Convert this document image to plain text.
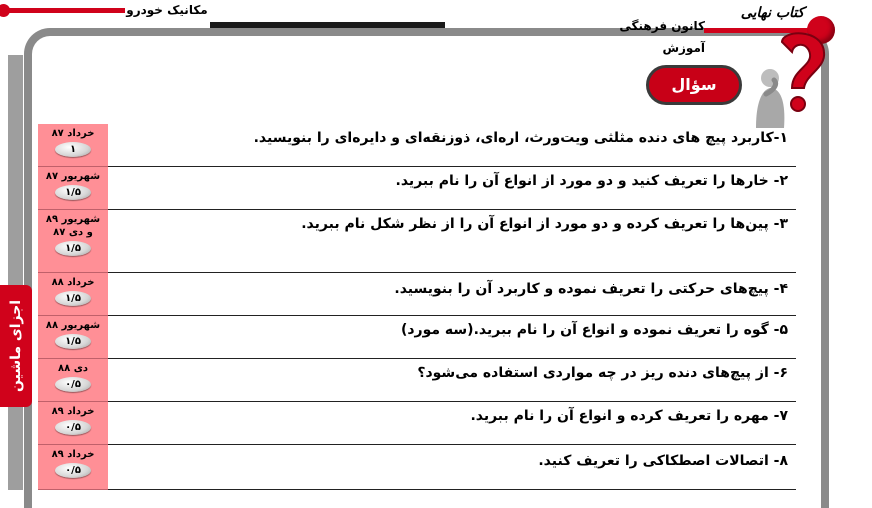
مکانیک خودرو
اجزای ماشین
کانون فرهنگی آموزش
کتاب‌ نهایی
سؤال
خرداد ۸۷
۱
۱-کاربرد پیچ های دنده مثلثی ویت‌ورث، اره‌ای، ذوزنقه‌ای و دایره‌ای را بنویسید.
شهریور ۸۷
۱/۵
۲- خارها را تعریف کنید و دو مورد از انواع آن را نام ببرید.
شهریور ۸۹
و دی ۸۷
۱/۵
۳- پین‌ها را تعریف کرده و دو مورد از انواع آن را از نظر شکل نام ببرید.
خرداد ۸۸
۱/۵
۴- پیچ‌های حرکتی را تعریف نموده و کاربرد آن را بنویسید.
شهریور ۸۸
۱/۵
۵- گوه را تعریف نموده و انواع آن را نام ببرید.(سه مورد)
دی ۸۸
۰/۵
۶- از پیچ‌های دنده ریز در چه مواردی استفاده می‌شود؟
خرداد ۸۹
۰/۵
۷- مهره را تعریف کرده و انواع آن را نام ببرید.
خرداد ۸۹
۰/۵
۸- اتصالات اصطکاکی را تعریف کنید.
